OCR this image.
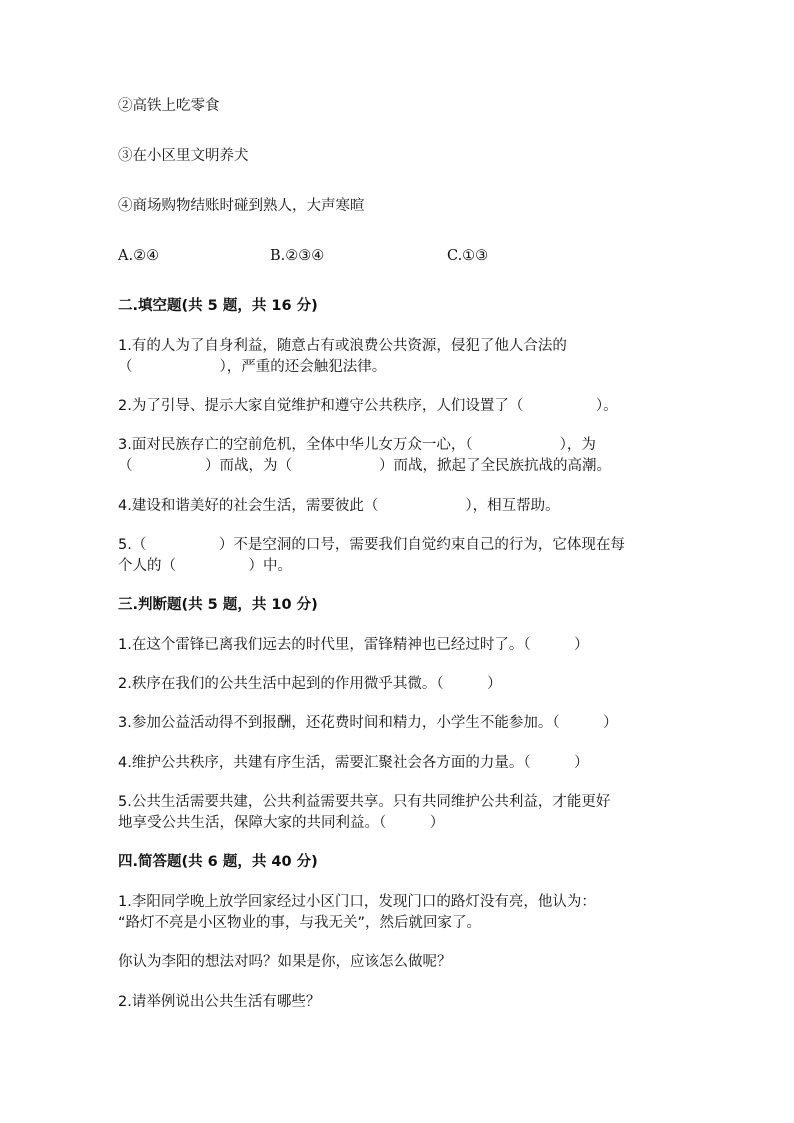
②高铁上吃零食
③在小区里文明养犬
④商场购物结账时碰到熟人，大声寒暄
A.②④	B.②③④	C.①③
二.填空题(共 5 题，共 16 分)
1.有的人为了自身利益，随意占有或浪费公共资源，侵犯了他人合法的
（　　　　　　），严重的还会触犯法律。
2.为了引导、提示大家自觉维护和遵守公共秩序，人们设置了（　　　　　）。
3.面对民族存亡的空前危机，全体中华儿女万众一心，（　　　　　　），为
（　　　　　）而战，为（　　　　　　）而战，掀起了全民族抗战的高潮。
4.建设和谐美好的社会生活，需要彼此（　　　　　　），相互帮助。
5.（　　　　　）不是空洞的口号，需要我们自觉约束自己的行为，它体现在每
个人的（　　　　　）中。
三.判断题(共 5 题，共 10 分)
1.在这个雷锋已离我们远去的时代里，雷锋精神也已经过时了。（　　　）
2.秩序在我们的公共生活中起到的作用微乎其微。（　　　）
3.参加公益活动得不到报酬，还花费时间和精力，小学生不能参加。（　　　）
4.维护公共秩序，共建有序生活，需要汇聚社会各方面的力量。（　　　）
5.公共生活需要共建，公共利益需要共享。只有共同维护公共利益，才能更好
地享受公共生活，保障大家的共同利益。（　　　）
四.简答题(共 6 题，共 40 分)
1.李阳同学晚上放学回家经过小区门口，发现门口的路灯没有亮，他认为：
“路灯不亮是小区物业的事，与我无关”，然后就回家了。
你认为李阳的想法对吗？如果是你，应该怎么做呢？
2.请举例说出公共生活有哪些？
